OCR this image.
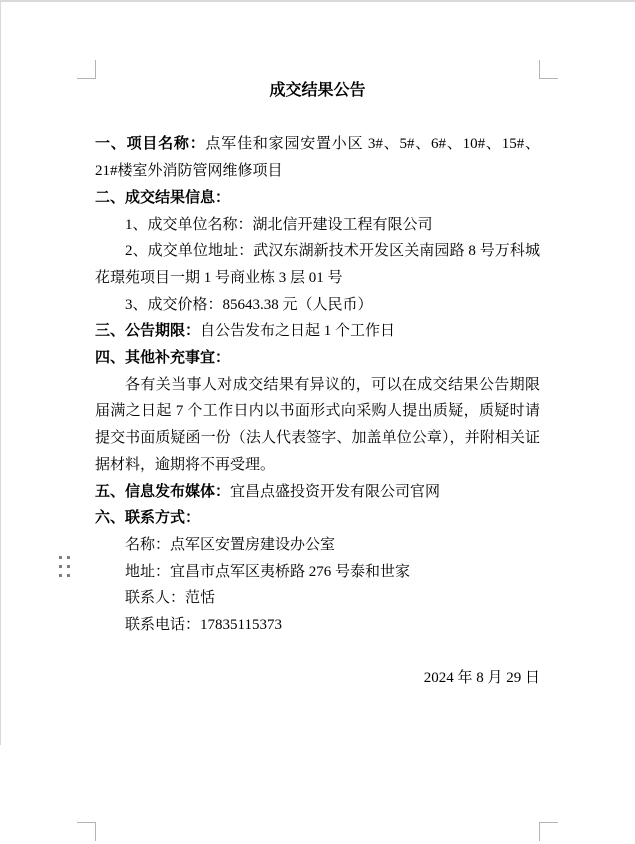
成交结果公告

一、项目名称：点军佳和家园安置小区 3#、5#、6#、10#、15#、21#楼室外消防管网维修项目

二、成交结果信息：

1、成交单位名称：湖北信开建设工程有限公司

2、成交单位地址：武汉东湖新技术开发区关南园路 8 号万科城花璟苑项目一期 1 号商业栋 3 层 01 号

3、成交价格：85643.38 元（人民币）

三、公告期限：自公告发布之日起 1 个工作日

四、其他补充事宜：

各有关当事人对成交结果有异议的，可以在成交结果公告期限届满之日起 7 个工作日内以书面形式向采购人提出质疑，质疑时请提交书面质疑函一份（法人代表签字、加盖单位公章），并附相关证据材料，逾期将不再受理。

五、信息发布媒体：宜昌点盛投资开发有限公司官网

六、联系方式：

名称：点军区安置房建设办公室

地址：宜昌市点军区夷桥路 276 号泰和世家

联系人：范恬

联系电话：17835115373

2024 年 8 月 29 日
